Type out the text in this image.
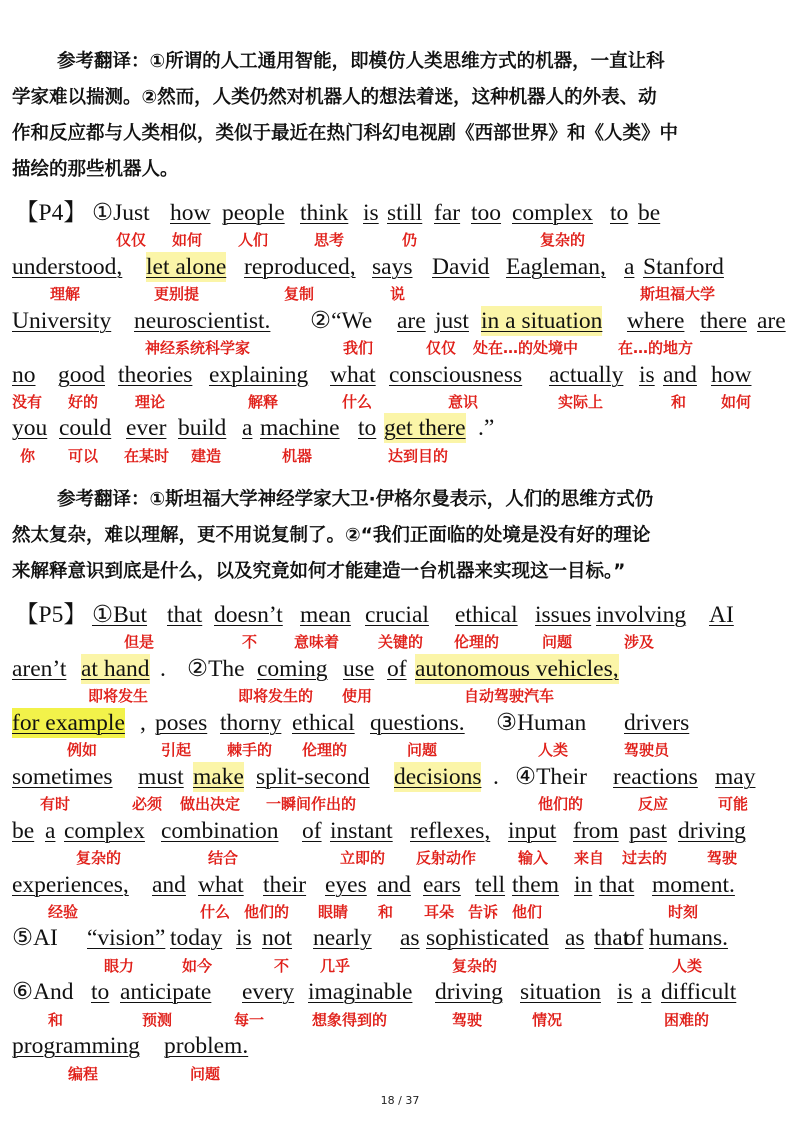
参考翻译：①所谓的人工通用智能，即模仿人类思维方式的机器，一直让科
学家难以揣测。②然而，人类仍然对机器人的想法着迷，这种机器人的外表、动
作和反应都与人类相似，类似于最近在热门科幻电视剧《西部世界》和《人类》中
描绘的那些机器人。
【P4】 ①Just how people think is still far too complex to be
仅仅 如何 人们	思考	仍	复杂的
understood, let alone reproduced, says David Eagleman, a Stanford
理解	更别提	复制	说	斯坦福大学
University neuroscientist. ②“We are just in a situation where there are
神经系统科学家	我们	仅仅 处在…的处境中	在…的地方
no good theories explaining what consciousness actually is and how
没有 好的 理论	解释	什么	意识	实际上	和 如何
you could ever build a machine to get there .”
你 可以 在某时 建造	机器	达到目的
参考翻译：①斯坦福大学神经学家大卫·伊格尔曼表示，人们的思维方式仍
然太复杂，难以理解，更不用说复制了。②“我们正面临的处境是没有好的理论
来解释意识到底是什么，以及究竟如何才能建造一台机器来实现这一目标。”
【P5】 ①But that doesn’t mean crucial ethical issues involving AI
但是	不 意味着	关键的 伦理的	问题	涉及
aren’t at hand . ②The coming use of autonomous vehicles,
即将发生	即将发生的 使用	自动驾驶汽车
for example , poses thorny ethical questions. ③Human drivers
例如	引起 棘手的 伦理的	问题	人类	驾驶员
sometimes must make split-second decisions . ④Their reactions may
有时	必须 做出决定 一瞬间作出的	他们的	反应	可能
be a complex combination of instant reflexes, input from past driving
复杂的	结合	立即的 反射动作	输入 来自 过去的	驾驶
experiences, and what their eyes and ears tell them in that moment.
经验	什么 他们的 眼睛 和 耳朵 告诉 他们	时刻
⑤AI “vision” today is not nearly as sophisticated as that
of humans.
眼力	如今	不 几乎	复杂的	人类
⑥And to anticipate every imaginable driving situation is a difficult
和	预测	每一	想象得到的	驾驶	情况	困难的
programming problem.
编程	问题
18 / 37
